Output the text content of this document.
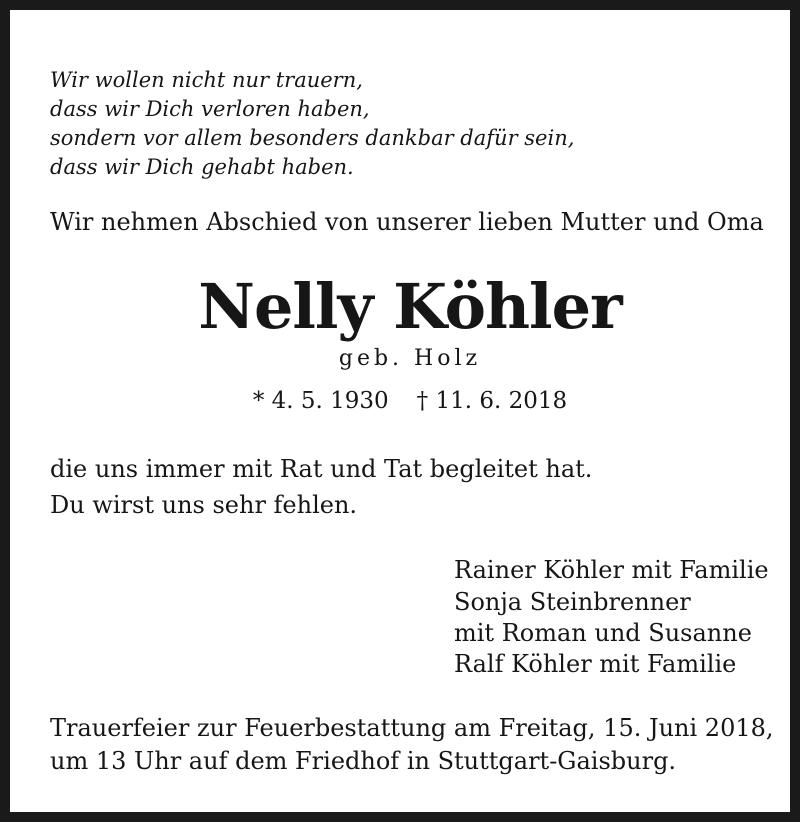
Wir wollen nicht nur trauern,
dass wir Dich verloren haben,
sondern vor allem besonders dankbar dafür sein,
dass wir Dich gehabt haben.
Wir nehmen Abschied von unserer lieben Mutter und Oma
Nelly Köhler
geb. Holz
* 4. 5. 1930 † 11. 6. 2018
die uns immer mit Rat und Tat begleitet hat.
Du wirst uns sehr fehlen.
Rainer Köhler mit Familie
Sonja Steinbrenner
mit Roman und Susanne
Ralf Köhler mit Familie
Trauerfeier zur Feuerbestattung am Freitag, 15. Juni 2018,
um 13 Uhr auf dem Friedhof in Stuttgart-Gaisburg.
